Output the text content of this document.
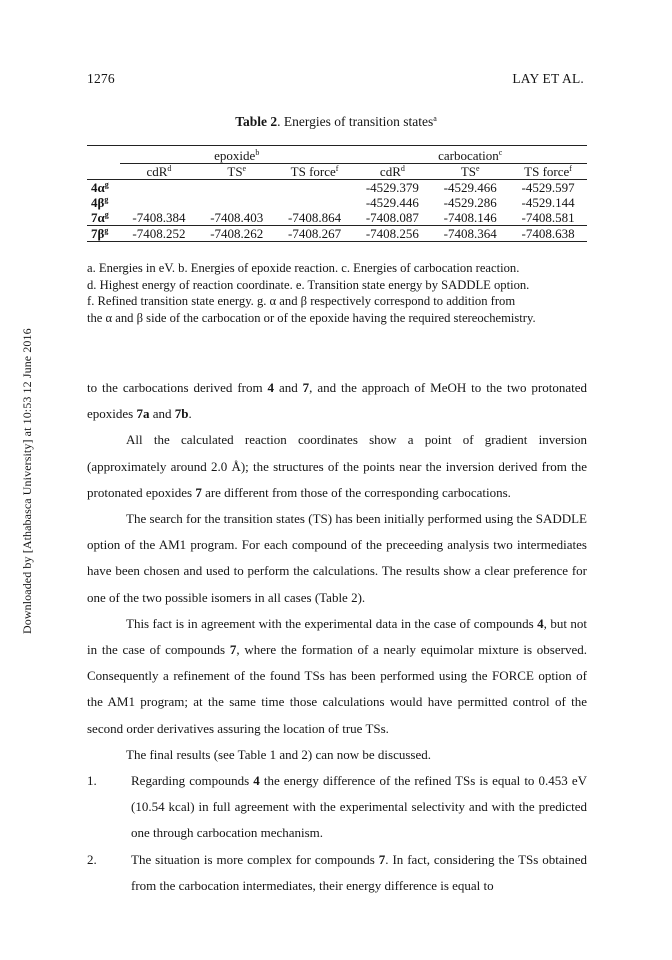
1276	LAY ET AL.
Downloaded by [Athabasca University] at 10:53 12 June 2016
Table 2. Energies of transition states$^a$
	epoxide$^b$			carbocation$^c$
	cdR$^d$	$TS^e$	TS force$^f$	cdR$^d$	$TS^e$	TS force$^f$
$4\alpha^g$				-4529.379	-4529.466	-4529.597
$4\beta^g$				-4529.446	-4529.286	-4529.144
$7\alpha^g$	-7408.384	-7408.403	-7408.864	-7408.087	-7408.146	-7408.581
$7\beta^g$	-7408.252	-7408.262	-7408.267	-7408.256	-7408.364	-7408.638

a. Energies in eV. b. Energies of epoxide reaction. c. Energies of carbocation reaction.

d. Highest energy of reaction coordinate. e. Transition state energy by SADDLE option.

f. Refined transition state energy. g. α and β respectively correspond to addition from

the α and β side of the carbocation or of the epoxide having the required stereochemistry.

to the carbocations derived from 4 and 7, and the approach of MeOH to the two protonated epoxides 7a and 7b.

All the calculated reaction coordinates show a point of gradient inversion (approximately around 2.0 Å); the structures of the points near the inversion derived from the protonated epoxides 7 are different from those of the corresponding carbocations.

The search for the transition states (TS) has been initially performed using the SADDLE option of the AM1 program. For each compound of the preceeding analysis two intermediates have been chosen and used to perform the calculations. The results show a clear preference for one of the two possible isomers in all cases (Table 2).

This fact is in agreement with the experimental data in the case of compounds 4, but not in the case of compounds 7, where the formation of a nearly equimolar mixture is observed. Consequently a refinement of the found TSs has been performed using the FORCE option of the AM1 program; at the same time those calculations would have permitted control of the second order derivatives assuring the location of true TSs.

The final results (see Table 1 and 2) can now be discussed.

1.	Regarding compounds 4 the energy difference of the refined TSs is equal to 0.453 eV (10.54 kcal) in full agreement with the experimental selectivity and with the predicted one through carbocation mechanism.

2.	The situation is more complex for compounds 7. In fact, considering the TSs obtained from the carbocation intermediates, their energy difference is equal to
